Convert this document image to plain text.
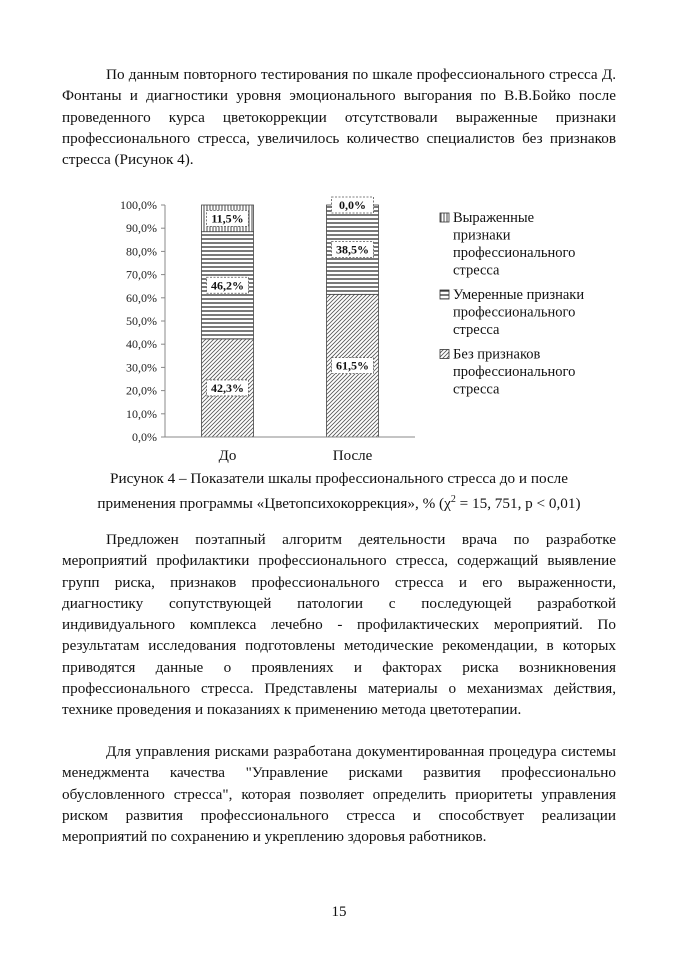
По данным повторного тестирования по шкале профессионального стресса Д. Фонтаны и диагностики уровня эмоционального выгорания по В.В.Бойко после проведенного курса цветокоррекции отсутствовали выраженные признаки профессионального стресса, увеличилось количество специалистов без признаков стресса (Рисунок 4).

0,0%
10,0%
20,0%
30,0%
40,0%
50,0%
60,0%
70,0%
80,0%
90,0%
100,0%
42,3%
46,2%
11,5%
61,5%
38,5%
0,0%
До	После
Выраженные
признаки
профессионального
стресса
Умеренные признаки
профессионального
стресса
Без признаков
профессионального
стресса

Рисунок 4 – Показатели шкалы профессионального стресса до и после
применения программы «Цветопсихокоррекция», % ($\chi^2 = 15$, 751, p < 0,01)

Предложен поэтапный алгоритм деятельности врача по разработке мероприятий профилактики профессионального стресса, содержащий выявление групп риска, признаков профессионального стресса и его выраженности, диагностику сопутствующей патологии с последующей разработкой индивидуального комплекса лечебно - профилактических мероприятий. По результатам исследования подготовлены методические рекомендации, в которых приводятся данные о проявлениях и факторах риска возникновения профессионального стресса. Представлены материалы о механизмах действия, технике проведения и показаниях к применению метода цветотерапии.

Для управления рисками разработана документированная процедура системы менеджмента качества "Управление рисками развития профессионально обусловленного стресса", которая позволяет определить приоритеты управления риском развития профессионального стресса и способствует реализации мероприятий по сохранению и укреплению здоровья работников.

15
